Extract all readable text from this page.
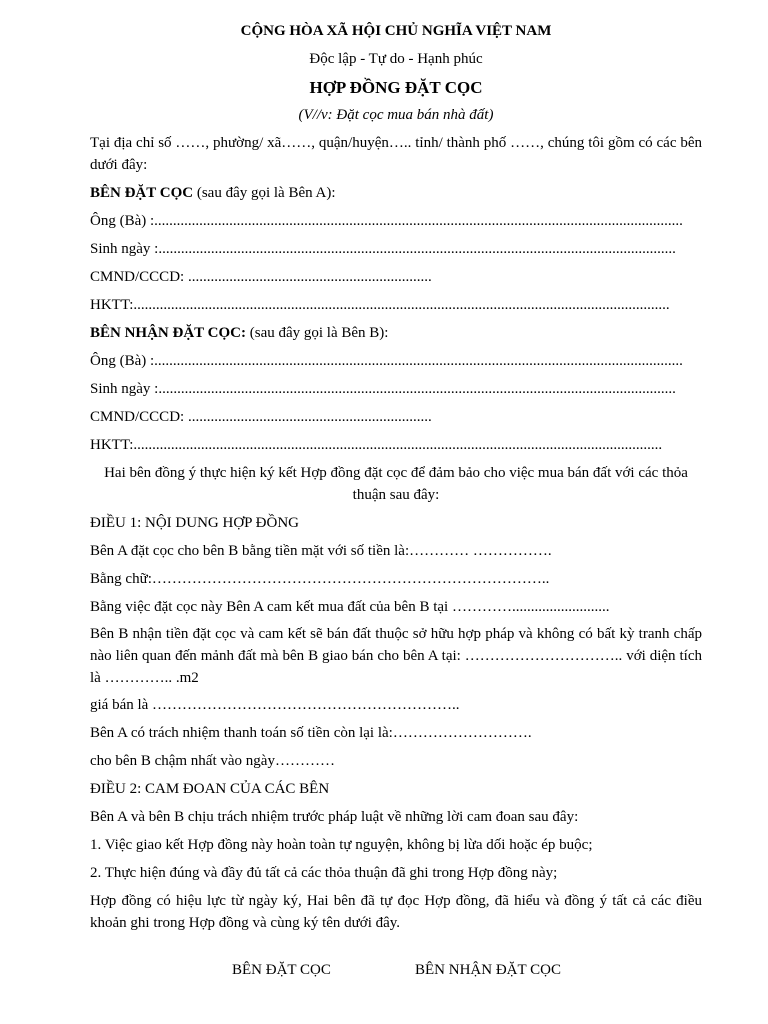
CỘNG HÒA XÃ HỘI CHỦ NGHĨA VIỆT NAM

Độc lập - Tự do - Hạnh phúc

HỢP ĐỒNG ĐẶT CỌC

(V//v: Đặt cọc mua bán nhà đất)

Tại địa chỉ số ……, phường/ xã……, quận/huyện….. tỉnh/ thành phố ……, chúng tôi gồm có các bên dưới đây:

BÊN ĐẶT CỌC (sau đây gọi là Bên A):

Ông (Bà) :.............................................................................................................................................

Sinh ngày :..........................................................................................................................................

CMND/CCCD: .................................................................

HKTT:...............................................................................................................................................

BÊN NHẬN ĐẶT CỌC: (sau đây gọi là Bên B):

Ông (Bà) :.............................................................................................................................................

Sinh ngày :..........................................................................................................................................

CMND/CCCD: .................................................................

HKTT:.............................................................................................................................................

Hai bên đồng ý thực hiện ký kết Hợp đồng đặt cọc để đảm bảo cho việc mua bán đất với các thỏa thuận sau đây:

ĐIỀU 1: NỘI DUNG HỢP ĐỒNG

Bên A đặt cọc cho bên B bằng tiền mặt với số tiền là:………… …………….

Bằng chữ:……………………………………………………………………..

Bằng việc đặt cọc này Bên A cam kết mua đất của bên B tại …………..........................

Bên B nhận tiền đặt cọc và cam kết sẽ bán đất thuộc sở hữu hợp pháp và không có bất kỳ tranh chấp nào liên quan đến mảnh đất mà bên B giao bán cho bên A tại: ………………………….. với diện tích là ………….. .m2

giá bán là ……………………………………………………..

Bên A có trách nhiệm thanh toán số tiền còn lại là:……………………….

cho bên B chậm nhất vào ngày…………

ĐIỀU 2: CAM ĐOAN CỦA CÁC BÊN

Bên A và bên B chịu trách nhiệm trước pháp luật về những lời cam đoan sau đây:

1. Việc giao kết Hợp đồng này hoàn toàn tự nguyện, không bị lừa dối hoặc ép buộc;

2. Thực hiện đúng và đầy đủ tất cả các thỏa thuận đã ghi trong Hợp đồng này;

Hợp đồng có hiệu lực từ ngày ký, Hai bên đã tự đọc Hợp đồng, đã hiểu và đồng ý tất cả các điều khoản ghi trong Hợp đồng và cùng ký tên dưới đây.

BÊN ĐẶT CỌC	BÊN NHẬN ĐẶT CỌC
